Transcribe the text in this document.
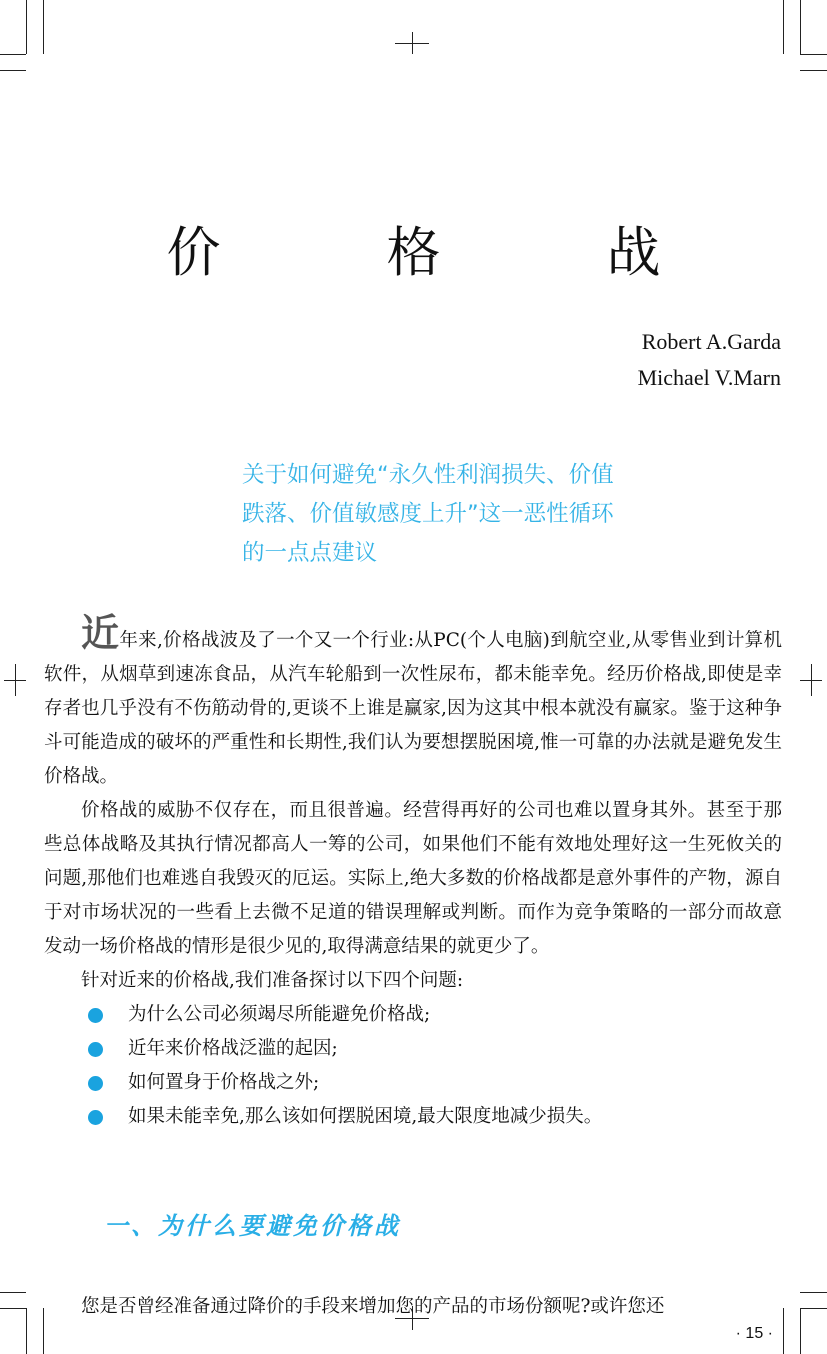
价　格　战
Robert A.Garda
Michael V.Marn
关于如何避免“永久性利润损失、价值
跌落、价值敏感度上升”这一恶性循环
的一点点建议

近年来,价格战波及了一个又一个行业:从PC(个人电脑)到航空业,从零售业到计算机软件，从烟草到速冻食品，从汽车轮船到一次性尿布，都未能幸免。经历价格战,即使是幸存者也几乎没有不伤筋动骨的,更谈不上谁是赢家,因为这其中根本就没有赢家。鉴于这种争斗可能造成的破坏的严重性和长期性,我们认为要想摆脱困境,惟一可靠的办法就是避免发生价格战。

价格战的威胁不仅存在，而且很普遍。经营得再好的公司也难以置身其外。甚至于那些总体战略及其执行情况都高人一筹的公司，如果他们不能有效地处理好这一生死攸关的问题,那他们也难逃自我毁灭的厄运。实际上,绝大多数的价格战都是意外事件的产物，源自于对市场状况的一些看上去微不足道的错误理解或判断。而作为竞争策略的一部分而故意发动一场价格战的情形是很少见的,取得满意结果的就更少了。

针对近来的价格战,我们准备探讨以下四个问题:

为什么公司必须竭尽所能避免价格战;
近年来价格战泛滥的起因;
如何置身于价格战之外;
如果未能幸免,那么该如何摆脱困境,最大限度地减少损失。
一、为什么要避免价格战

您是否曾经准备通过降价的手段来增加您的产品的市场份额呢?或许您还

· 15 ·
